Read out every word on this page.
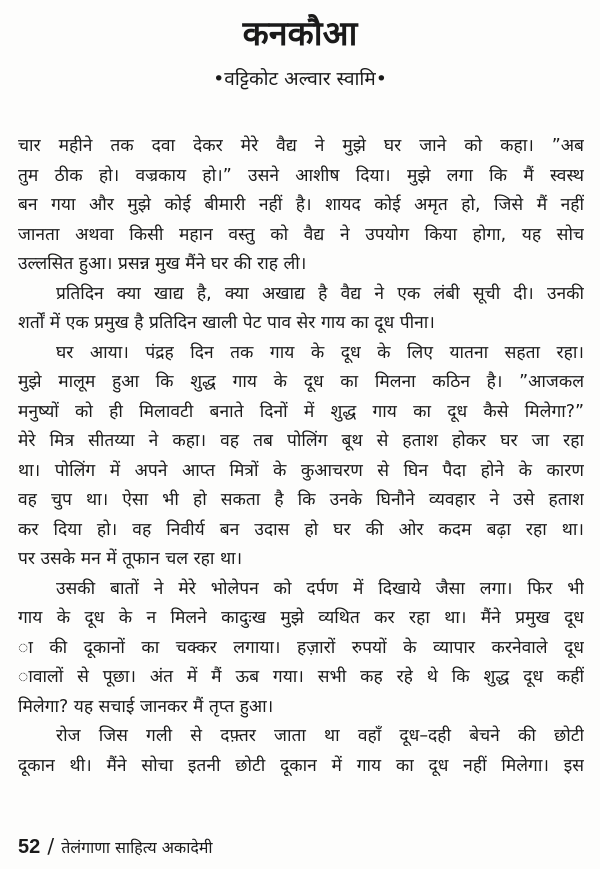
कनकौआ
•वट्टिकोट अल्वार स्वामि•
चार महीने तक दवा देकर मेरे वैद्य ने मुझे घर जाने को कहा। ”अब
तुम ठीक हो। वज्रकाय हो।” उसने आशीष दिया। मुझे लगा कि मैं स्वस्थ
बन गया और मुझे कोई बीमारी नहीं है। शायद कोई अमृत हो, जिसे मैं नहीं
जानता अथवा किसी महान वस्तु को वैद्य ने उपयोग किया होगा, यह सोच
उल्लसित हुआ। प्रसन्न मुख मैंने घर की राह ली।
प्रतिदिन क्या खाद्य है, क्या अखाद्य है वैद्य ने एक लंबी सूची दी। उनकी
शर्तों में एक प्रमुख है प्रतिदिन खाली पेट पाव सेर गाय का दूध पीना।
घर आया। पंद्रह दिन तक गाय के दूध के लिए यातना सहता रहा।
मुझे मालूम हुआ कि शुद्ध गाय के दूध का मिलना कठिन है। ”आजकल
मनुष्यों को ही मिलावटी बनाते दिनों में शुद्ध गाय का दूध कैसे मिलेगा?”
मेरे मित्र सीतय्या ने कहा। वह तब पोलिंग बूथ से हताश होकर घर जा रहा
था। पोलिंग में अपने आप्त मित्रों के कुआचरण से घिन पैदा होने के कारण
वह चुप था। ऐसा भी हो सकता है कि उनके घिनौने व्यवहार ने उसे हताश
कर दिया हो। वह निवीर्य बन उदास हो घर की ओर कदम बढ़ा रहा था।
पर उसके मन में तूफान चल रहा था।
उसकी बातों ने मेरे भोलेपन को दर्पण में दिखाये जैसा लगा। फिर भी
गाय के दूध के न मिलने कादुःख मुझे व्यथित कर रहा था। मैंने प्रमुख दूध
ा की दूकानों का चक्कर लगाया। हज़ारों रुपयों के व्यापार करनेवाले दूध
ावालों से पूछा। अंत में मैं ऊब गया। सभी कह रहे थे कि शुद्ध दूध कहीं
मिलेगा? यह सचाई जानकर मैं तृप्त हुआ।
रोज जिस गली से दफ़्तर जाता था वहाँ दूध–दही बेचने की छोटी
दूकान थी। मैंने सोचा इतनी छोटी दूकान में गाय का दूध नहीं मिलेगा। इस
52 / तेलंगाणा साहित्य अकादेमी
